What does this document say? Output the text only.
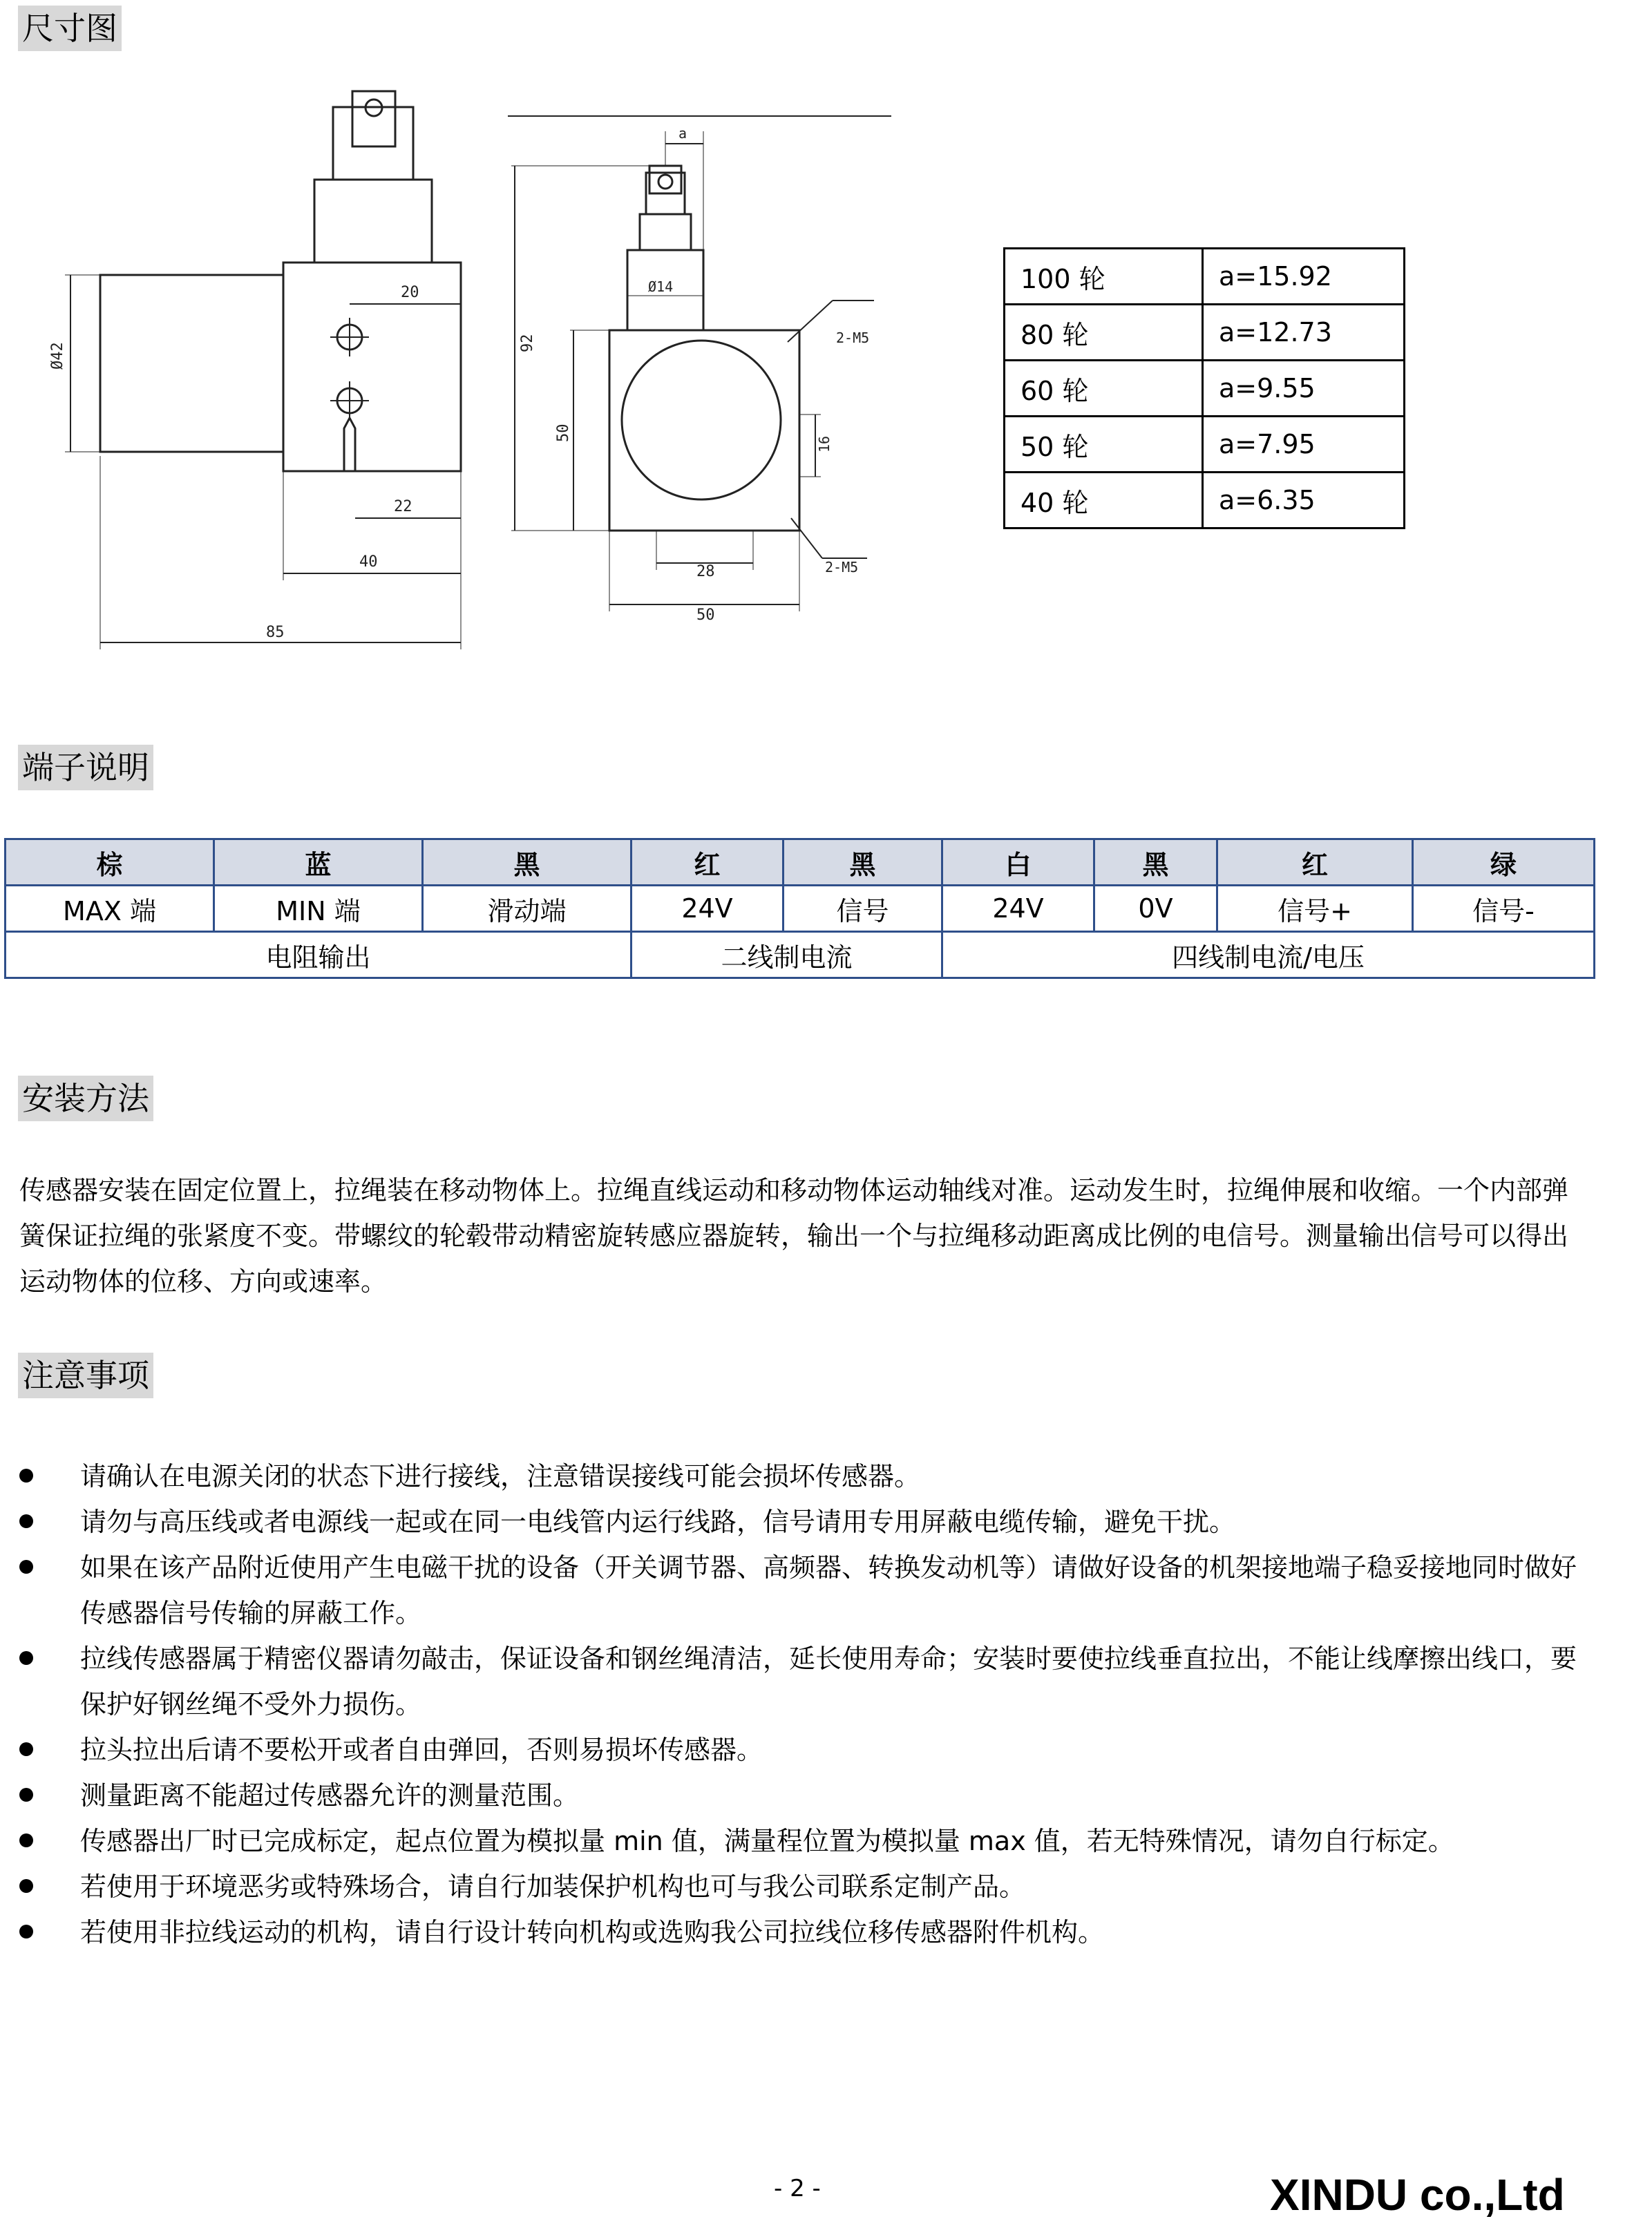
尺寸图
端子说明
安装方法
注意事项
Ø42
20
22
40
85
a
Ø14
92
50
2-M5
16
28	2-M5
50
100 轮	a=15.92
80 轮	a=12.73
60 轮	a=9.55
50 轮	a=7.95
40 轮	a=6.35
棕	蓝	黑	红	黑	白	黑	红	绿
MAX 端	MIN 端	滑动端	24V	信号	24V	0V	信号+	信号-
电阻输出			二线制电流		四线制电流/电压			
传感器安装在固定位置上，拉绳装在移动物体上。拉绳直线运动和移动物体运动轴线对准。运动发生时，拉绳伸展和收缩。一个内部弹簧保证拉绳的张紧度不变。带螺纹的轮毂带动精密旋转感应器旋转，输出一个与拉绳移动距离成比例的电信号。测量输出信号可以得出运动物体的位移、方向或速率。
请确认在电源关闭的状态下进行接线，注意错误接线可能会损坏传感器。
请勿与高压线或者电源线一起或在同一电线管内运行线路，信号请用专用屏蔽电缆传输，避免干扰。
如果在该产品附近使用产生电磁干扰的设备（开关调节器、高频器、转换发动机等）请做好设备的机架接地端子稳妥接地同时做好传感器信号传输的屏蔽工作。
拉线传感器属于精密仪器请勿敲击，保证设备和钢丝绳清洁，延长使用寿命；安装时要使拉线垂直拉出，不能让线摩擦出线口，要保护好钢丝绳不受外力损伤。
拉头拉出后请不要松开或者自由弹回，否则易损坏传感器。
测量距离不能超过传感器允许的测量范围。
传感器出厂时已完成标定，起点位置为模拟量 min 值，满量程位置为模拟量 max 值，若无特殊情况，请勿自行标定。
若使用于环境恶劣或特殊场合，请自行加装保护机构也可与我公司联系定制产品。
若使用非拉线运动的机构，请自行设计转向机构或选购我公司拉线位移传感器附件机构。
- 2 -	XINDU co.,Ltd
